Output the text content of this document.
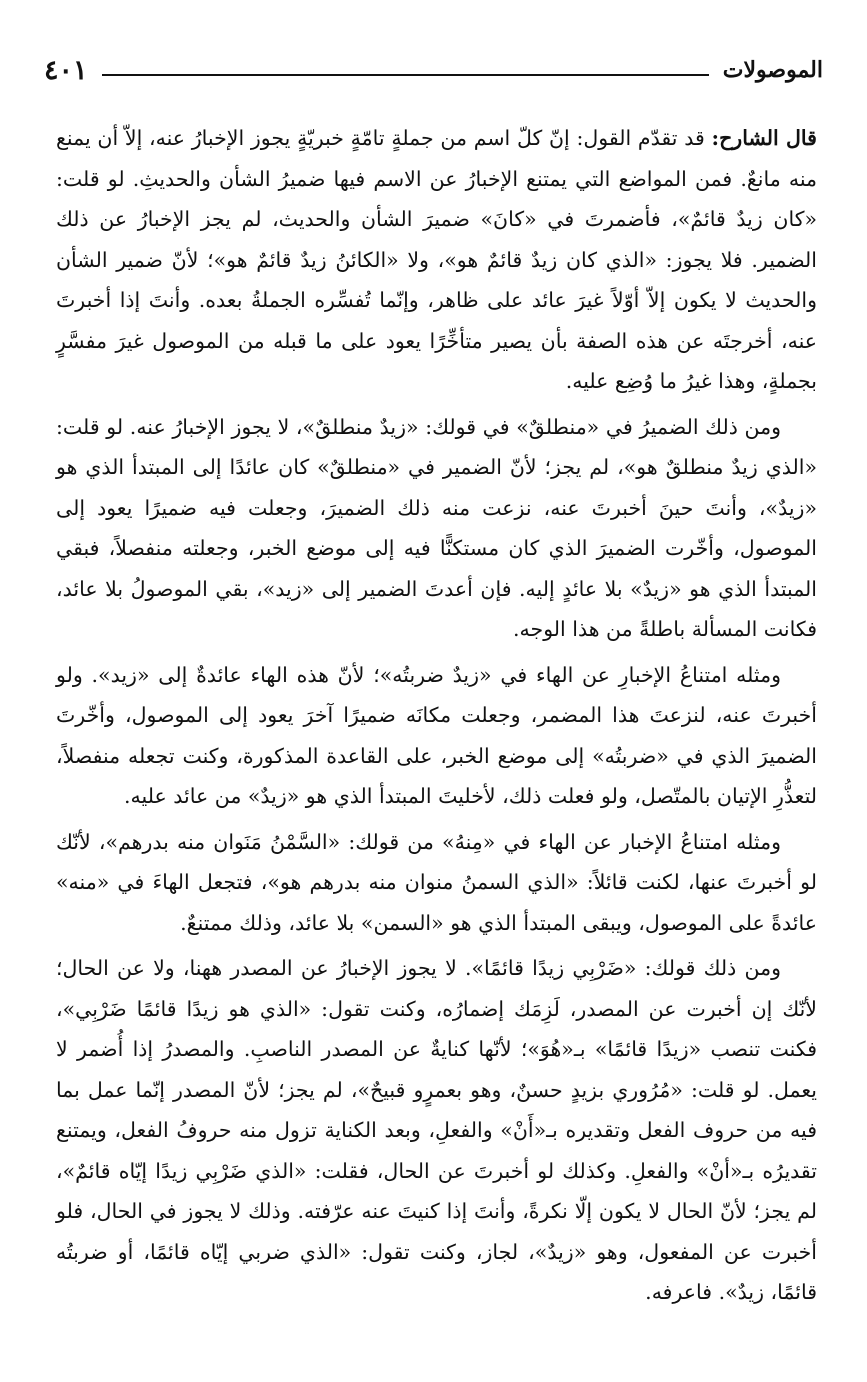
٤٠١	الموصولات

قال الشارح: قد تقدّم القول: إنّ كلّ اسم من جملةٍ تامّةٍ خبريّةٍ يجوز الإخبارُ عنه، إلاّ أن يمنع منه مانعٌ. فمن المواضع التي يمتنع الإخبارُ عن الاسم فيها ضميرُ الشأن والحديثِ. لو قلت: «كان زيدٌ قائمٌ»، فأضمرتَ في «كانَ» ضميرَ الشأن والحديث، لم يجز الإخبارُ عن ذلك الضمير. فلا يجوز: «الذي كان زيدٌ قائمٌ هو»، ولا «الكائنُ زيدٌ قائمٌ هو»؛ لأنّ ضمير الشأن والحديث لا يكون إلاّ أوّلاً غيرَ عائد على ظاهر، وإنّما تُفسِّره الجملةُ بعده. وأنتَ إذا أخبرتَ عنه، أخرجتَه عن هذه الصفة بأن يصير متأخِّرًا يعود على ما قبله من الموصول غيرَ مفسَّرٍ بجملةٍ، وهذا غيرُ ما وُضِع عليه.

ومن ذلك الضميرُ في «منطلقٌ» في قولك: «زيدٌ منطلقٌ»، لا يجوز الإخبارُ عنه. لو قلت: «الذي زيدٌ منطلقٌ هو»، لم يجز؛ لأنّ الضمير في «منطلقٌ» كان عائدًا إلى المبتدأ الذي هو «زيدٌ»، وأنتَ حينَ أخبرتَ عنه، نزعت منه ذلك الضميرَ، وجعلت فيه ضميرًا يعود إلى الموصول، وأخّرت الضميرَ الذي كان مستكنًّا فيه إلى موضع الخبر، وجعلته منفصلاً، فبقي المبتدأ الذي هو «زيدٌ» بلا عائدٍ إليه. فإن أعدتَ الضمير إلى «زيد»، بقي الموصولُ بلا عائد، فكانت المسألة باطلةً من هذا الوجه.

ومثله امتناعُ الإخبارِ عن الهاء في «زيدٌ ضربتُه»؛ لأنّ هذه الهاء عائدةٌ إلى «زيد». ولو أخبرتَ عنه، لنزعتَ هذا المضمر، وجعلت مكانَه ضميرًا آخرَ يعود إلى الموصول، وأخّرتَ الضميرَ الذي في «ضربتُه» إلى موضع الخبر، على القاعدة المذكورة، وكنت تجعله منفصلاً، لتعذُّرِ الإتيان بالمتّصل، ولو فعلت ذلك، لأخليتَ المبتدأ الذي هو «زيدٌ» من عائد عليه.

ومثله امتناعُ الإخبار عن الهاء في «مِنهُ» من قولك: «السَّمْنُ مَنَوان منه بدرهم»، لأنّك لو أخبرتَ عنها، لكنت قائلاً: «الذي السمنُ منوان منه بدرهم هو»، فتجعل الهاءَ في «منه» عائدةً على الموصول، ويبقى المبتدأ الذي هو «السمن» بلا عائد، وذلك ممتنعٌ.

ومن ذلك قولك: «ضَرْبِي زيدًا قائمًا». لا يجوز الإخبارُ عن المصدر ههنا، ولا عن الحال؛ لأنّك إن أخبرت عن المصدر، لَزِمَك إضمارُه، وكنت تقول: «الذي هو زيدًا قائمًا ضَرْبِي»، فكنت تنصب «زيدًا قائمًا» بـ«هُوَ»؛ لأنّها كنايةٌ عن المصدر الناصبِ. والمصدرُ إذا أُضمر لا يعمل. لو قلت: «مُرُوري بزيدٍ حسنٌ، وهو بعمرٍو قبيحٌ»، لم يجز؛ لأنّ المصدر إنّما عمل بما فيه من حروف الفعل وتقديره بـ«أَنْ» والفعلِ، وبعد الكناية تزول منه حروفُ الفعل، ويمتنع تقديرُه بـ«أنْ» والفعلِ. وكذلك لو أخبرتَ عن الحال، فقلت: «الذي ضَرْبِي زيدًا إيّاه قائمٌ»، لم يجز؛ لأنّ الحال لا يكون إلّا نكرةً، وأنتَ إذا كنيتَ عنه عرّفته. وذلك لا يجوز في الحال، فلو أخبرت عن المفعول، وهو «زيدٌ»، لجاز، وكنت تقول: «الذي ضربي إيّاه قائمًا، أو ضربتُه قائمًا، زيدٌ». فاعرفه.
